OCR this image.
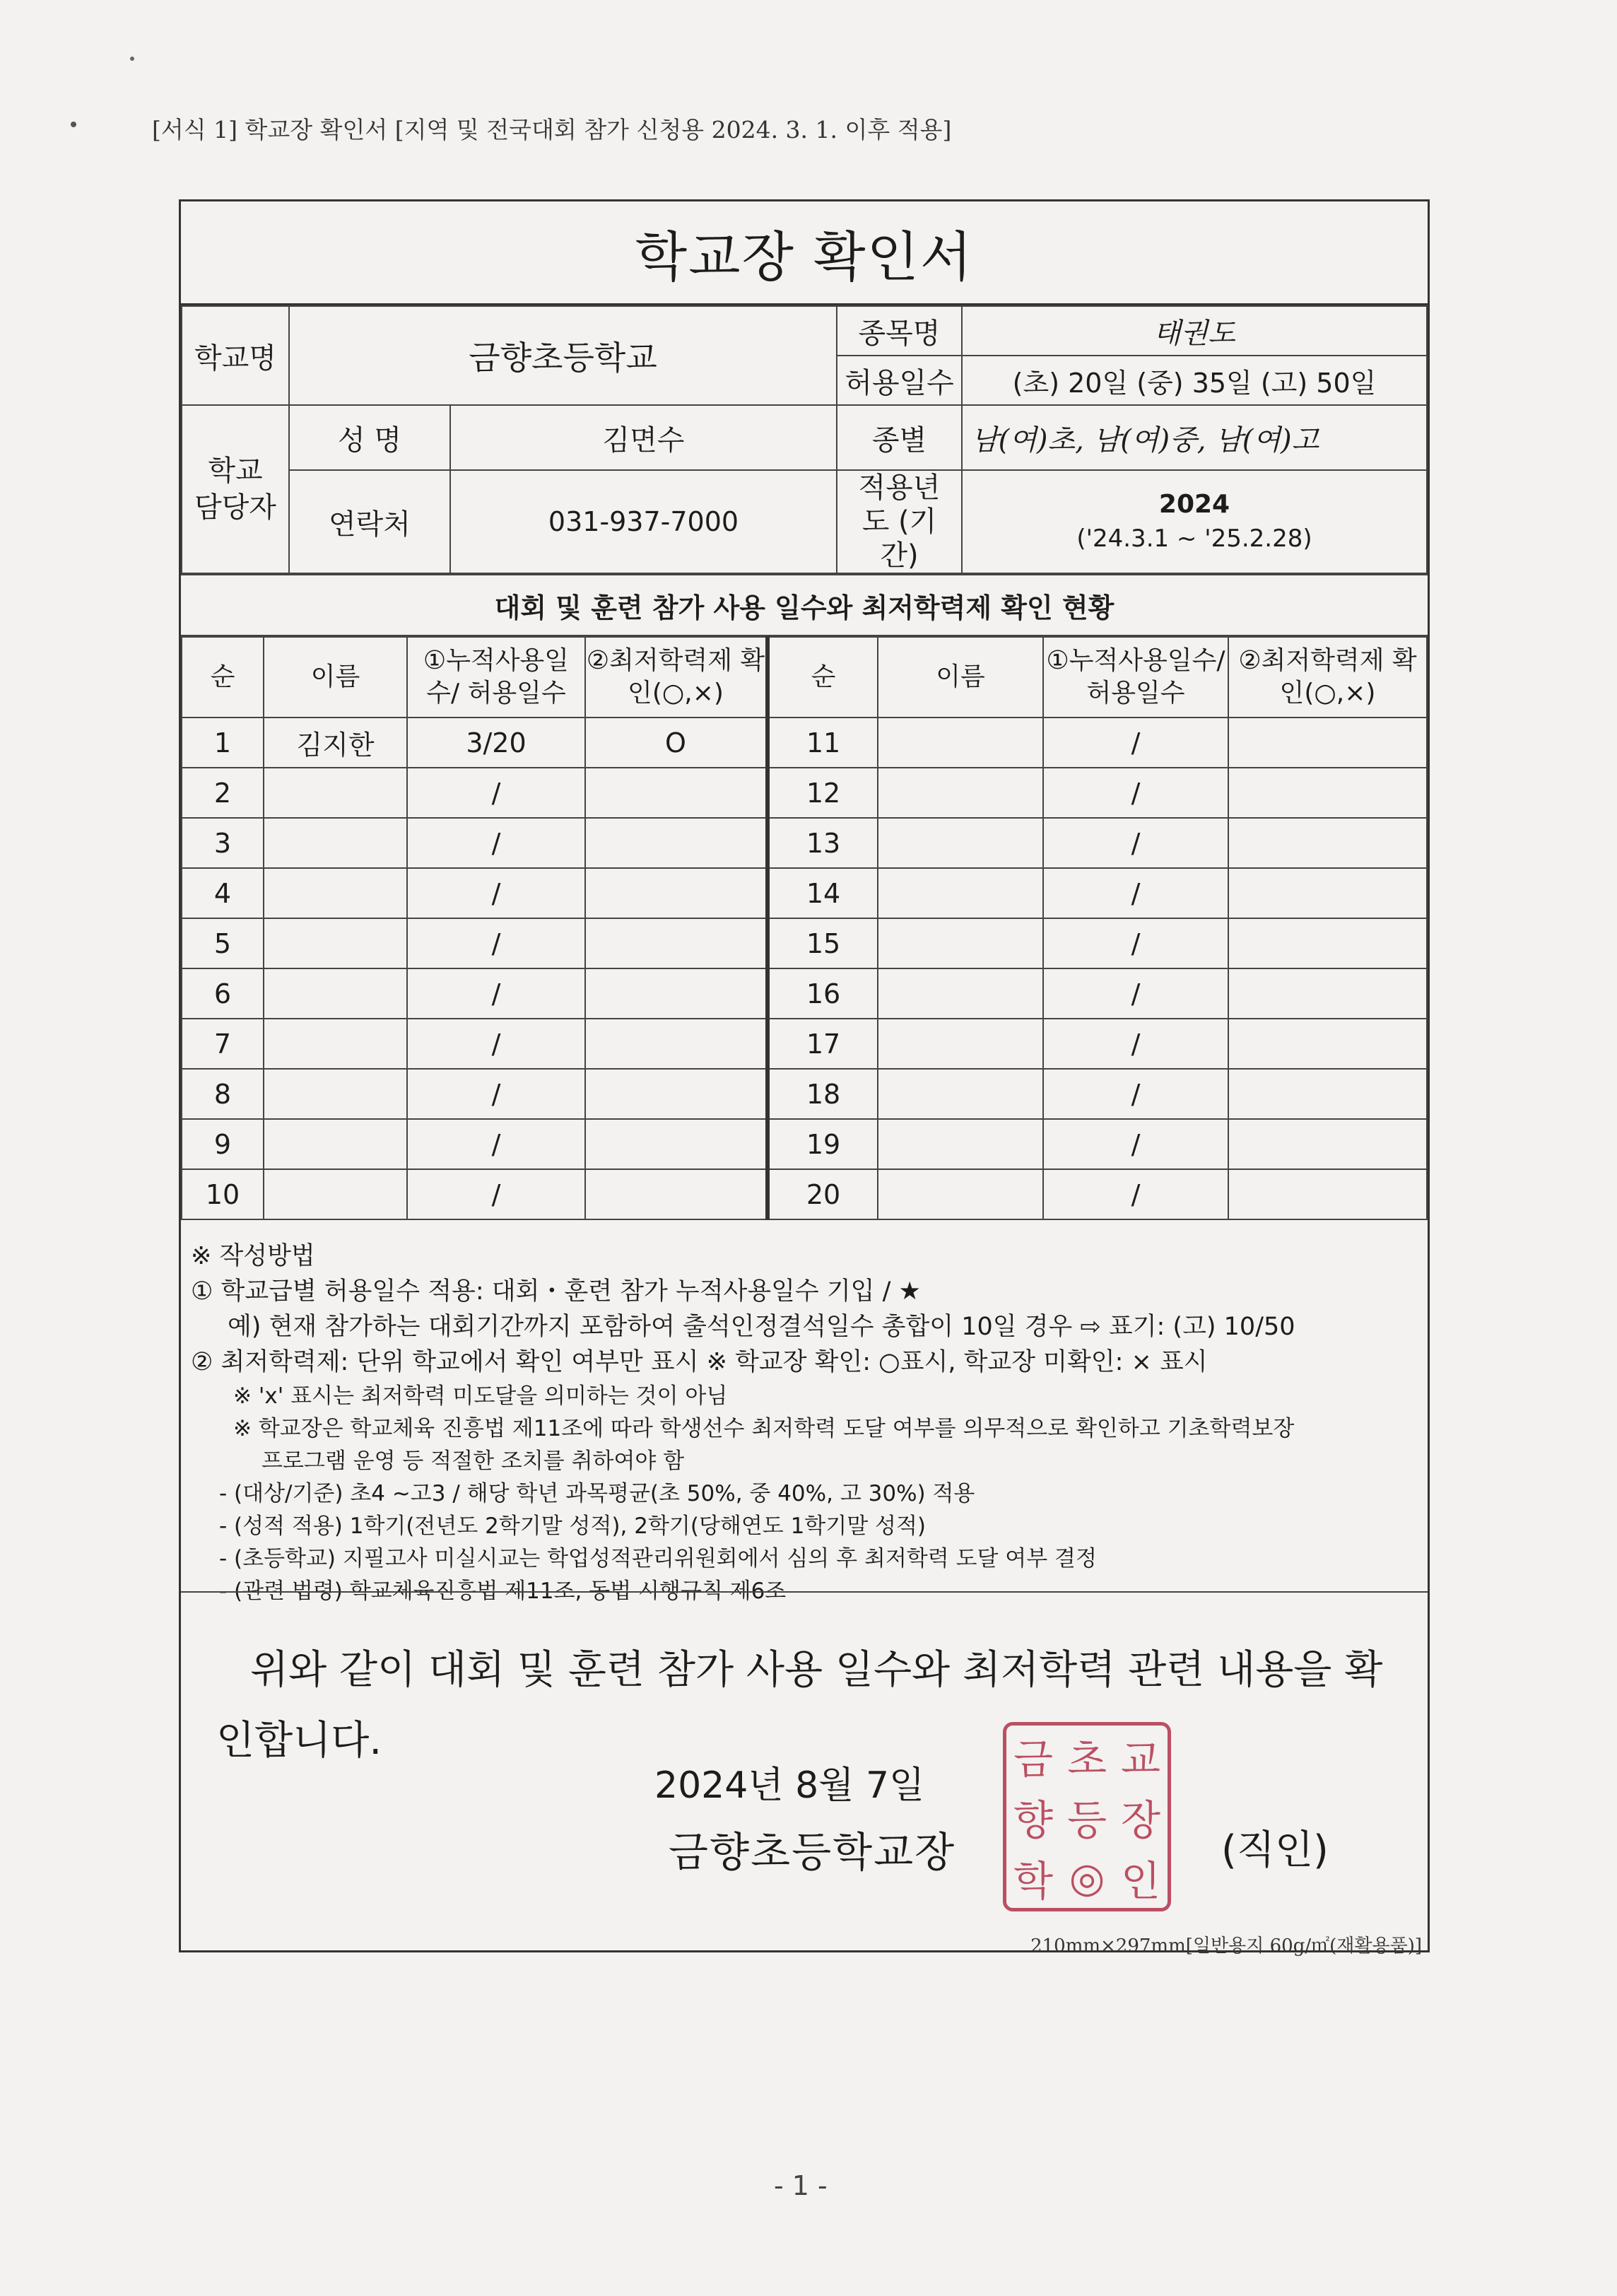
[서식 1] 학교장 확인서 [지역 및 전국대회 참가 신청용 2024. 3. 1. 이후 적용]
학교장 확인서
학교명	금향초등학교		종목명	태권도
			허용일수	(초) 20일 (중) 35일 (고) 50일
학교 담당자	성 명	김면수	종별	남(여)초, 남(여)중, 남(여)고
	연락처	031-937-7000	적용년도 (기간)	2024
('24.3.1 ~ '25.2.28)
대회 및 훈련 참가 사용 일수와 최저학력제 확인 현황
순	이름	①누적사용일수/ 허용일수	②최저학력제 확인(○,×)	순	이름	①누적사용일수/ 허용일수	②최저학력제 확인(○,×)
1	김지한	3/20	O	11		/	
2		/		12		/	
3		/		13		/	
4		/		14		/	
5		/		15		/	
6		/		16		/	
7		/		17		/	
8		/		18		/	
9		/		19		/	
10		/		20		/	
※ 작성방법
① 학교급별 허용일수 적용: 대회・훈련 참가 누적사용일수 기입 / ★
예) 현재 참가하는 대회기간까지 포함하여 출석인정결석일수 총합이 10일 경우 ⇨ 표기: (고) 10/50
② 최저학력제: 단위 학교에서 확인 여부만 표시 ※ 학교장 확인: ○표시, 학교장 미확인: × 표시
※ 'x' 표시는 최저학력 미도달을 의미하는 것이 아님
※ 학교장은 학교체육 진흥법 제11조에 따라 학생선수 최저학력 도달 여부를 의무적으로 확인하고 기초학력보장
프로그램 운영 등 적절한 조치를 취하여야 함
- (대상/기준) 초4 ~고3 / 해당 학년 과목평균(초 50%, 중 40%, 고 30%) 적용
- (성적 적용) 1학기(전년도 2학기말 성적), 2학기(당해연도 1학기말 성적)
- (초등학교) 지필고사 미실시교는 학업성적관리위원회에서 심의 후 최저학력 도달 여부 결정
- (관련 법령) 학교체육진흥법 제11조, 동법 시행규칙 제6조
위와 같이 대회 및 훈련 참가 사용 일수와 최저학력 관련 내용을 확인합니다.
2024년 8월 7일
금향초등학교장
금 초 교
향 등 장
학 ◎ 인
(직인)
210mm×297mm[일반용지 60g/㎡(재활용품)]
- 1 -
